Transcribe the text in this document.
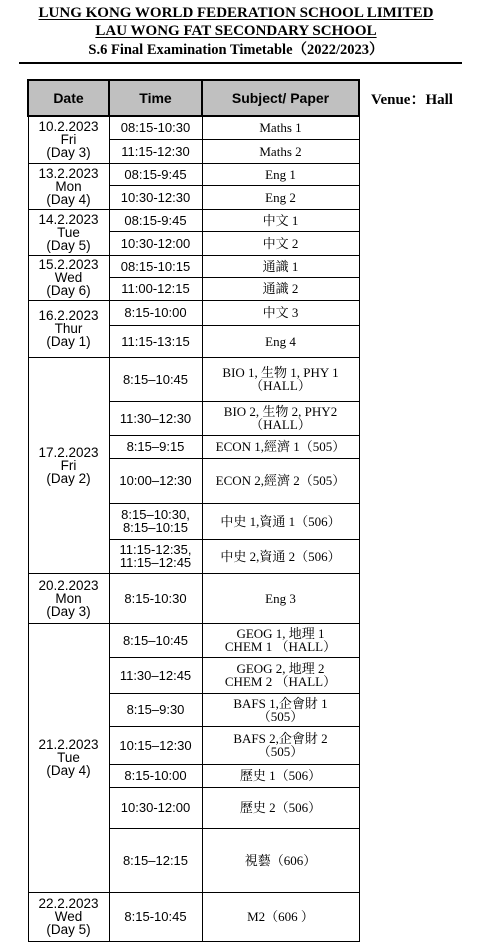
LUNG KONG WORLD FEDERATION SCHOOL LIMITED
LAU WONG FAT SECONDARY SCHOOL
S.6 Final Examination Timetable（2022/2023）
Venue：Hall
Date	Time	Subject/ Paper
10.2.2023
Fri
(Day 3)	08:15-10:30	Maths 1
	11:15-12:30	Maths 2
13.2.2023
Mon
(Day 4)	08:15-9:45	Eng 1
	10:30-12:30	Eng 2
14.2.2023
Tue
(Day 5)	08:15-9:45	中文 1
	10:30-12:00	中文 2
15.2.2023
Wed
(Day 6)	08:15-10:15	通識 1
	11:00-12:15	通識 2
16.2.2023
Thur
(Day 1)	8:15-10:00	中文 3
	11:15-13:15	Eng 4
17.2.2023
Fri
(Day 2)	8:15–10:45	BIO 1, 生物 1, PHY 1
（HALL）
	11:30–12:30	BIO 2, 生物 2, PHY2
（HALL）
	8:15–9:15	ECON 1,經濟 1（505）
	10:00–12:30	ECON 2,經濟 2（505）
	8:15–10:30,
8:15–10:15	中史 1,資通 1（506）
	11:15-12:35,
11:15–12:45	中史 2,資通 2（506）
20.2.2023
Mon
(Day 3)	8:15-10:30	Eng 3
21.2.2023
Tue
(Day 4)	8:15–10:45	GEOG 1, 地理 1
CHEM 1 （HALL）
	11:30–12:45	GEOG 2, 地理 2
CHEM 2 （HALL）
	8:15–9:30	BAFS 1,企會財 1
（505）
	10:15–12:30	BAFS 2,企會財 2
（505）
	8:15-10:00	歷史 1（506）
	10:30-12:00	歷史 2（506）
	8:15–12:15	視藝（606）
22.2.2023
Wed
(Day 5)	8:15-10:45	M2（606 ）
